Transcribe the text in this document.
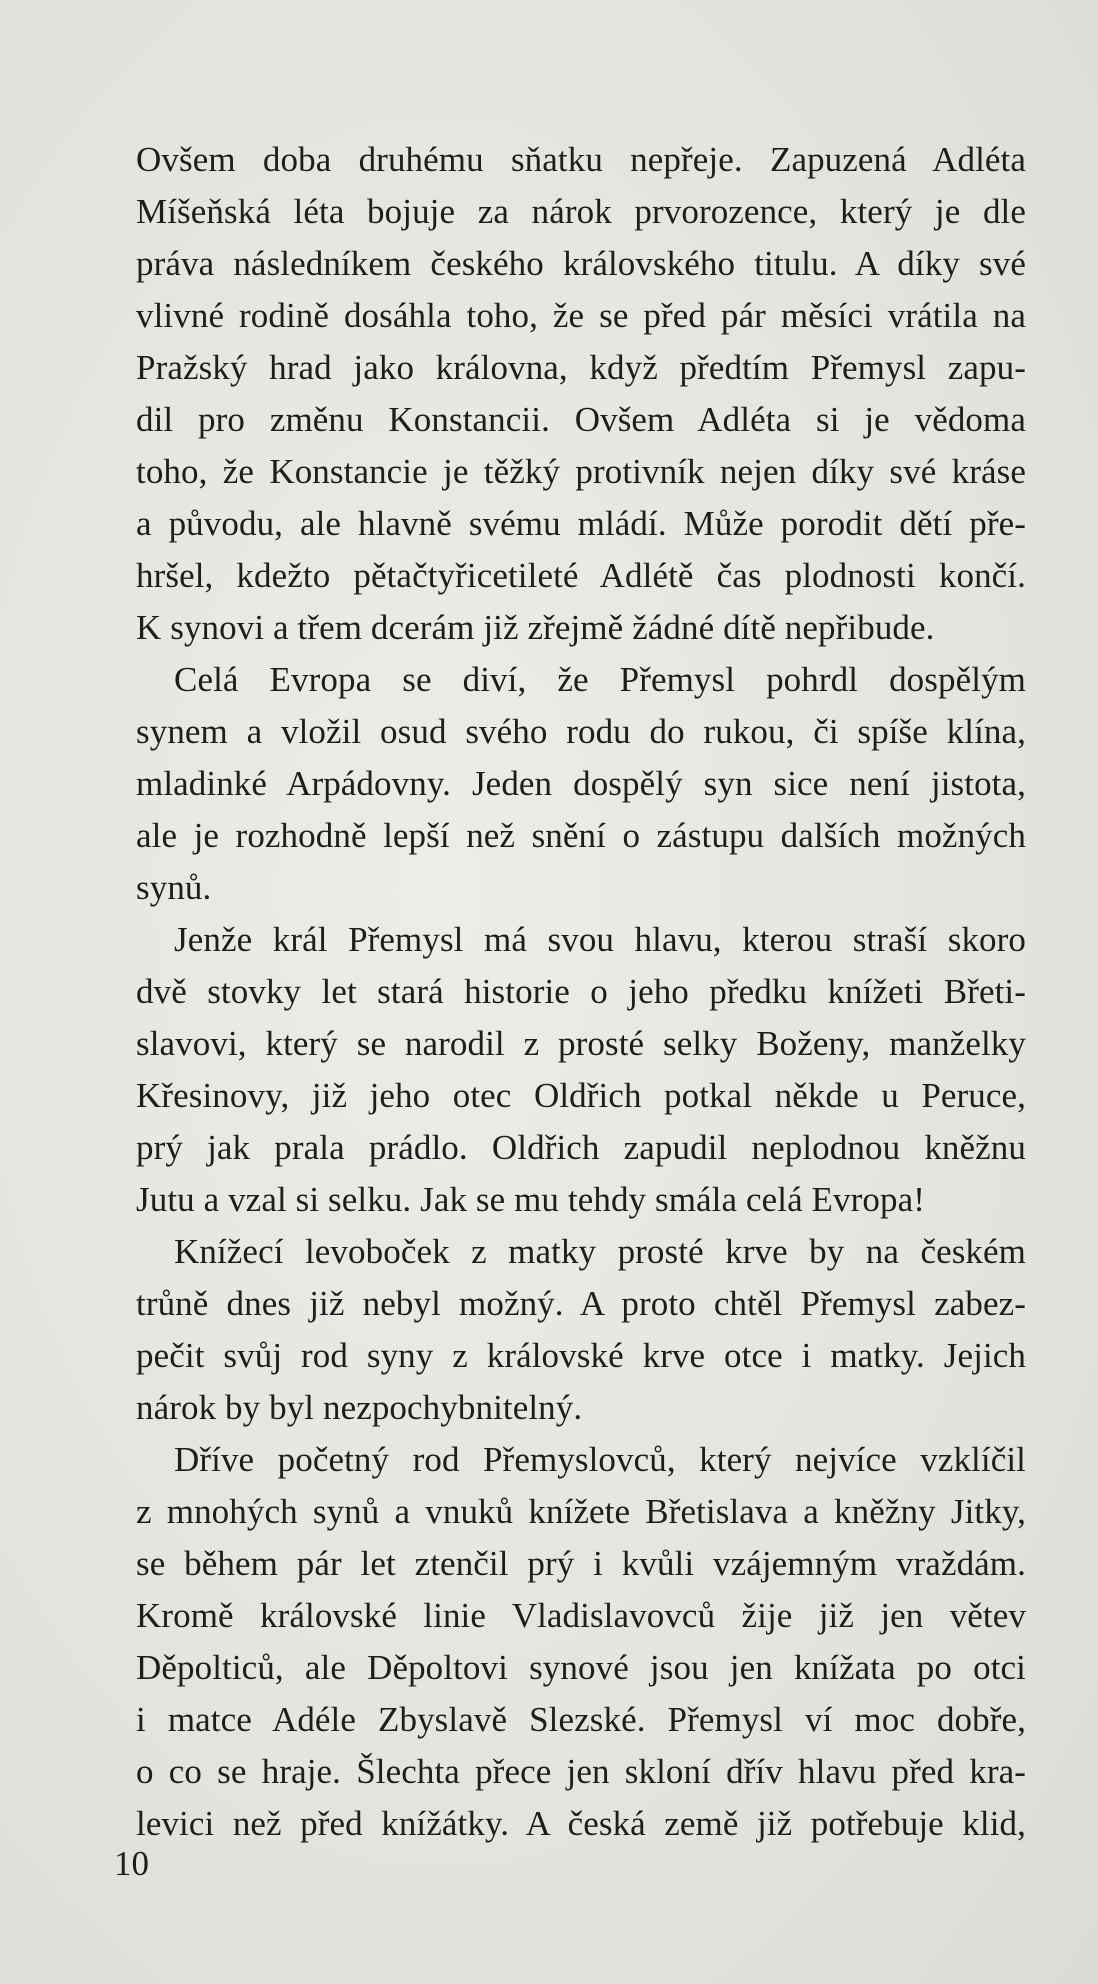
Ovšem doba druhému sňatku nepřeje. Zapuzená Adléta
Míšeňská léta bojuje za nárok prvorozence, který je dle
práva následníkem českého královského titulu. A díky své
vlivné rodině dosáhla toho, že se před pár měsíci vrátila na
Pražský hrad jako královna, když předtím Přemysl zapu-
dil pro změnu Konstancii. Ovšem Adléta si je vědoma
toho, že Konstancie je těžký protivník nejen díky své kráse
a původu, ale hlavně svému mládí. Může porodit dětí pře-
hršel, kdežto pětačtyřicetileté Adlétě čas plodnosti končí.
K synovi a třem dcerám již zřejmě žádné dítě nepřibude.
Celá Evropa se diví, že Přemysl pohrdl dospělým
synem a vložil osud svého rodu do rukou, či spíše klína,
mladinké Arpádovny. Jeden dospělý syn sice není jistota,
ale je rozhodně lepší než snění o zástupu dalších možných
synů.
Jenže král Přemysl má svou hlavu, kterou straší skoro
dvě stovky let stará historie o jeho předku knížeti Břeti-
slavovi, který se narodil z prosté selky Boženy, manželky
Křesinovy, již jeho otec Oldřich potkal někde u Peruce,
prý jak prala prádlo. Oldřich zapudil neplodnou kněžnu
Jutu a vzal si selku. Jak se mu tehdy smála celá Evropa!
Knížecí levoboček z matky prosté krve by na českém
trůně dnes již nebyl možný. A proto chtěl Přemysl zabez-
pečit svůj rod syny z královské krve otce i matky. Jejich
nárok by byl nezpochybnitelný.
Dříve početný rod Přemyslovců, který nejvíce vzklíčil
z mnohých synů a vnuků knížete Břetislava a kněžny Jitky,
se během pár let ztenčil prý i kvůli vzájemným vraždám.
Kromě královské linie Vladislavovců žije již jen větev
Děpolticů, ale Děpoltovi synové jsou jen knížata po otci
i matce Adéle Zbyslavě Slezské. Přemysl ví moc dobře,
o co se hraje. Šlechta přece jen skloní dřív hlavu před kra-
levici než před knížátky. A česká země již potřebuje klid,
10
